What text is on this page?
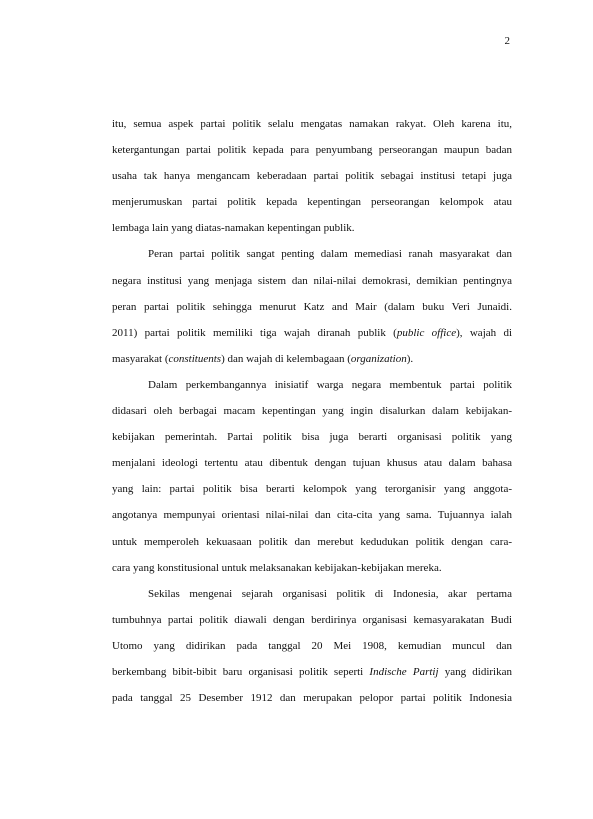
2
itu, semua aspek partai politik selalu mengatas namakan rakyat. Oleh karena itu,
ketergantungan partai politik kepada para penyumbang perseorangan maupun badan
usaha tak hanya mengancam keberadaan partai politik sebagai institusi tetapi juga
menjerumuskan partai politik kepada kepentingan perseorangan kelompok atau
lembaga lain yang diatas-namakan kepentingan publik.
Peran partai politik sangat penting dalam memediasi ranah masyarakat dan
negara institusi yang menjaga sistem dan nilai-nilai demokrasi, demikian pentingnya
peran partai politik sehingga menurut Katz and Mair (dalam buku Veri Junaidi.
2011) partai politik memiliki tiga wajah diranah publik (public office), wajah di
masyarakat (constituents) dan wajah di kelembagaan (organization).
Dalam perkembangannya inisiatif warga negara membentuk partai politik
didasari oleh berbagai macam kepentingan yang ingin disalurkan dalam kebijakan-
kebijakan pemerintah. Partai politik bisa juga berarti organisasi politik yang
menjalani ideologi tertentu atau dibentuk dengan tujuan khusus atau dalam bahasa
yang lain: partai politik bisa berarti kelompok yang terorganisir yang anggota-
angotanya mempunyai orientasi nilai-nilai dan cita-cita yang sama. Tujuannya ialah
untuk memperoleh kekuasaan politik dan merebut kedudukan politik dengan cara-
cara yang konstitusional untuk melaksanakan kebijakan-kebijakan mereka.
Sekilas mengenai sejarah organisasi politik di Indonesia, akar pertama
tumbuhnya partai politik diawali dengan berdirinya organisasi kemasyarakatan Budi
Utomo yang didirikan pada tanggal 20 Mei 1908, kemudian muncul dan
berkembang bibit-bibit baru organisasi politik seperti Indische Partij yang didirikan
pada tanggal 25 Desember 1912 dan merupakan pelopor partai politik Indonesia
